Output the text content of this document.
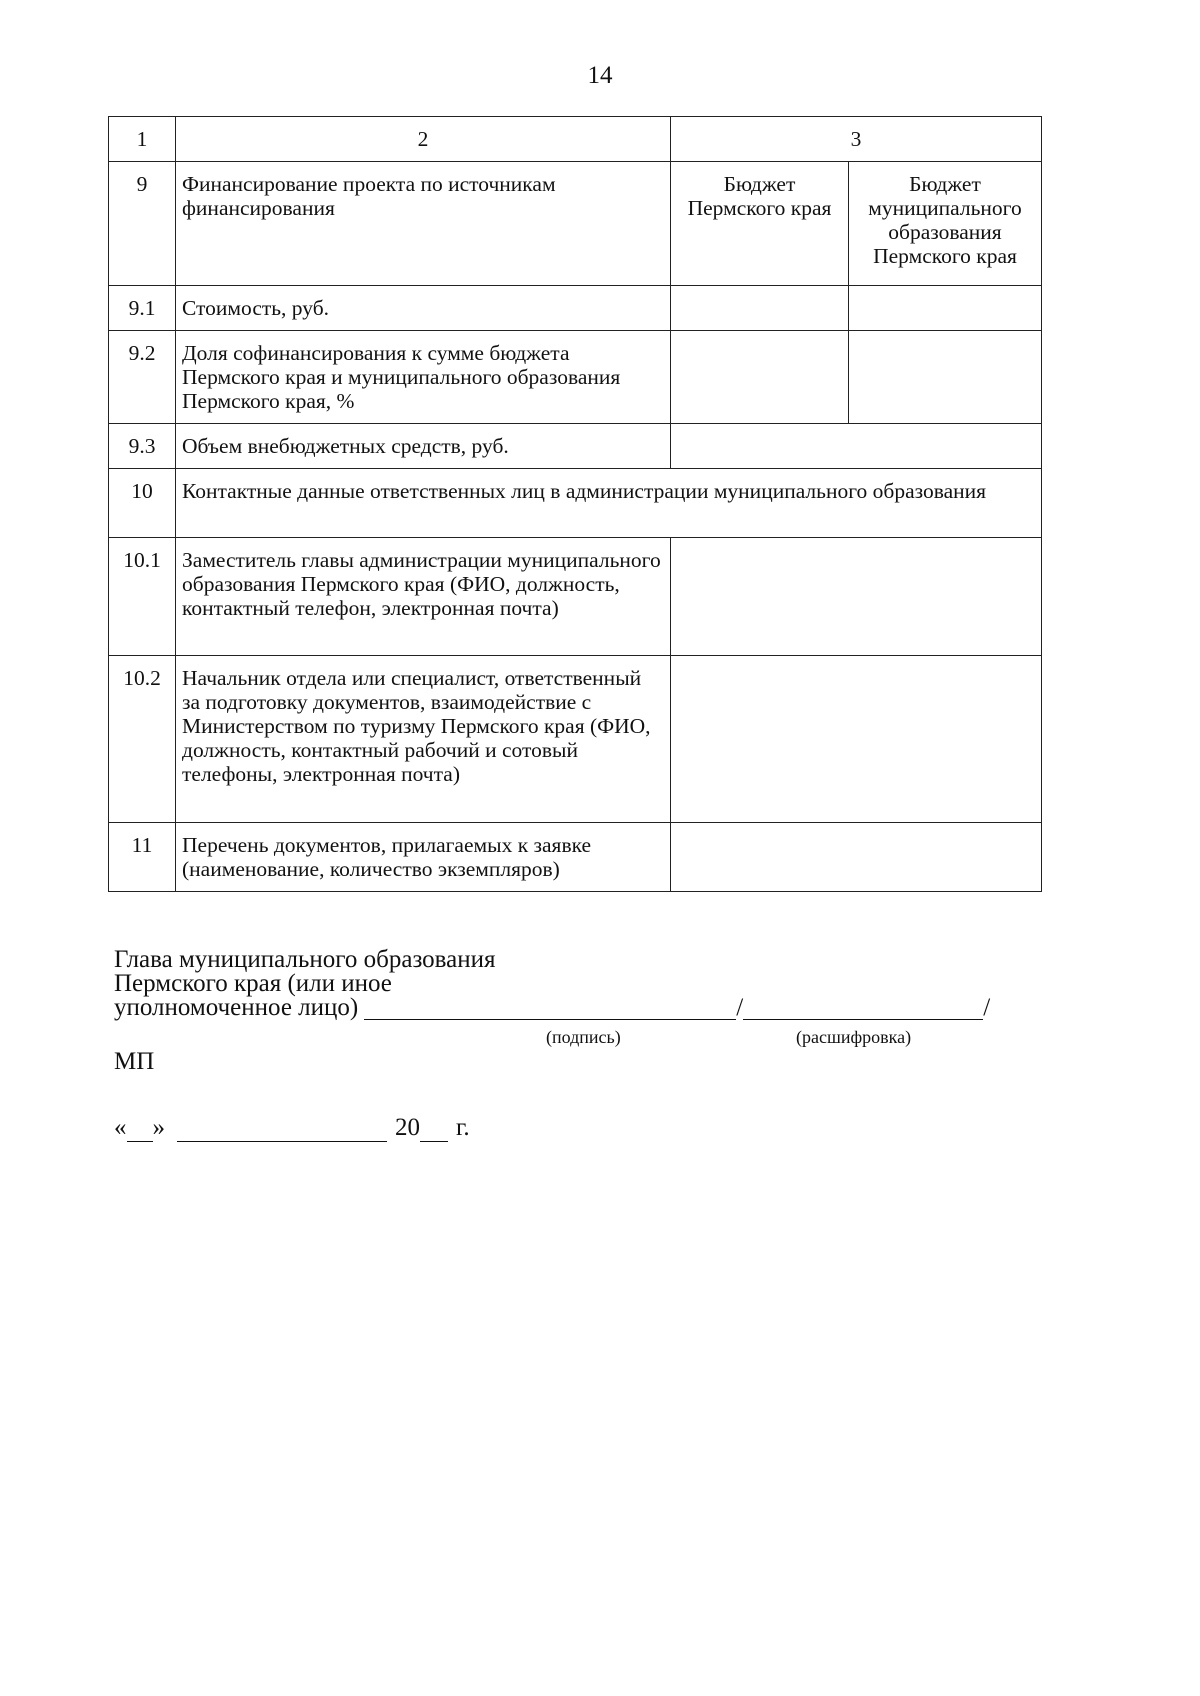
14
1	2	3	
9	Финансирование проекта по источникам финансирования	Бюджет Пермского края	Бюджет муниципального образования Пермского края
9.1	Стоимость, руб.		
9.2	Доля софинансирования к сумме бюджета Пермского края и муниципального образования Пермского края, %		
9.3	Объем внебюджетных средств, руб.		
10	Контактные данные ответственных лиц в администрации муниципального образования		
10.1	Заместитель главы администрации муниципального образования Пермского края (ФИО, должность, контактный телефон, электронная почта)		
10.2	Начальник отдела или специалист, ответственный за подготовку документов, взаимодействие с Министерством по туризму Пермского края (ФИО, должность, контактный рабочий и сотовый телефоны, электронная почта)		
11	Перечень документов, прилагаемых к заявке (наименование, количество экземпляров)		
Глава муниципального образования
Пермского края (или иное
уполномоченное лицо)	/	/
(подпись)	(расшифровка)
МП
« »	20 г.
